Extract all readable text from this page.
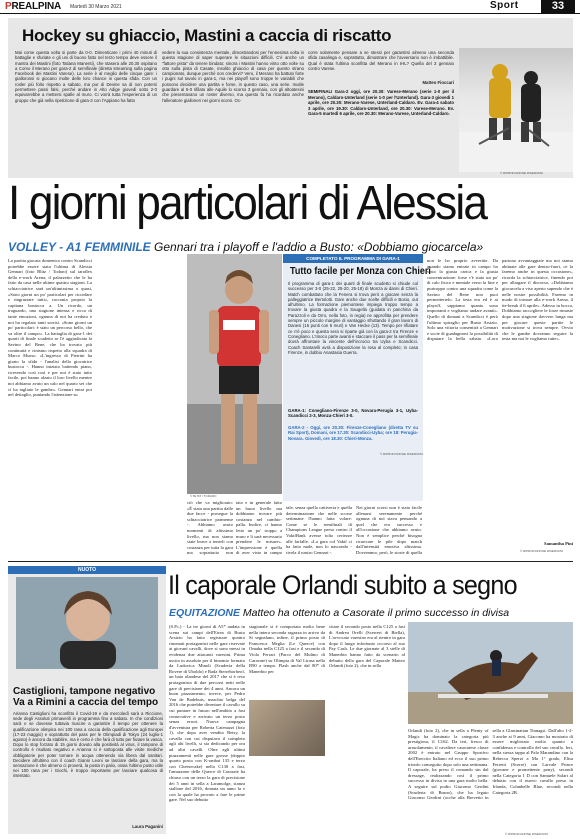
PREALPINA Martedì 30 Marzo 2021	Sport	33
Hockey su ghiaccio, Mastini a caccia di riscatto
Mai come questa volta si parte da 0-0. Dimenticare i primi 40 minuti di battaglie e sfuriate e gli uni di buono fatto nel terzo tempo deve essere il mantra dei Mastini (foto Tatiana Manenti), che stasera alle 20.30 ospitano a Como il Merano per gara-2 di semifinale (diretta streaming sulla pagina Facebook dei Mastini Varese). La serie è al meglio delle cinque gare: i giallorossi si giocano molte delle loro chance in questa sfida. Con un rosler più folto rispetto a sabato, ma pur di Devine sa di non potersi permettere passi falsi, perché andare in Alto Adige giovedì sotto 2-0 equivarrebbe a mettersi spalle al muro. Ci vorrà tutta l'esperienza di un gruppo che già nella ripetizione di gara-3 con l'Appiano ha fatto
vedere la sua consistenza mentale, dimostrandosi per l'ennesima volta in questa stagione di saper superare le situazioni difficili. C'è anche un "fattore pista" da tenere bindato: sinora i Mastini hanno vinto otto volte su otto sulla pista di Casate, insolito ghiaccio di casa per questo strano campionato, dunque perché non credervi? Vero, il Merano ha battuto forte i pugni sul tavolo in gara-1, ma nei playoff sono troppe le variabili che possono decidere una partita e forse, in questo caso, una serie. Inutile guardare al 5-0 rifilato alle Aquile lo scorso 3 gennaio, con gli altoatesini che presentavano un roster diverso, ma questo fa ha ricordato anche l'allenatore gialloneri nei giorni scorsi. Oc-
corre solamente pensare a se stessi per garantirsi almeno una seconda sfida casalinga e, soprattutto, dimostrare che l'avversario non è imbattibile. Qual è stata l'ultima sconfitta del Merano in IHL? Quella del 3 gennaio contro Varese.
Matteo Fioccari
SEMIFINALI Gara-2 oggi, ore 20.30: Varese-Merano (serie 1-0 per il Merano), Caldaro-Unterland (serie 1-0 per l'Unterland). Gara-3 giovedì 1 aprile, ore 20.30: Merano-Varese, Unterland-Caldaro. Ev. Gara-4 sabato 3 aprile, ore 19.30: Caldaro-Unterland, ore 20.30: Varese-Merano. Ev. Gara-5 martedì 6 aprile, ore 20.30: Merano-Varese, Unterland-Caldaro.
© RIPRODUZIONE RISERVATA
I giorni particolari di Alessia
VOLLEY - A1 FEMMINILE Gennari tra i playoff e l'addio a Busto: «Dobbiamo giocarcela»
La partita giocata domenica contro Scandicci potrebbe essere stata l'ultima di Alessia Gennari (foto Blitz / Todaro) sul taraflex della e-work Arena, il palazzetto che le ha fatto da casa nelle ultime quattro stagioni. La schiacciatrice sarà un'ultimissima o quasi, «Sono giorni un po' particolari per ricordare e ringraziare tutti», racconta proprio la capitana bustocca a. Un ricordo, un traguardo, una stagione intensa e ricca di tante emozioni, ognuna di noi ha creduto e noi ha regalato tanti sorrisi. «Sono giorni un po' particolari: è stato un percorso bello, che va oltre il campo». La battaglia di gara-1 dei quarti di finale scudetto se l'è aggiudicata la Savino del Bene, che ha trovato più continuità e cinismo rispetto alla squadra di Marco Musso. «L'ingresso di Pietrini ha girato la sfida - l'analisi della giocatrice bustocca -. Hanno iniziato battendo piano, ricevendo così così e per noi è stato tutto facile, poi hanno alzato il loro livello mentre noi abbiamo avuto un calo nel quarto set che ci ha tagliato le gambe». Gennari entra poi nel dettaglio, puntando l'attenzione su
© BLITZ / TODARO
ciò che va migliorato: «È stata una partita dalle due facce - prosegue la schiacciatrice parmense -. Abbiamo avuto momenti di altissimo livello, ma non siamo state brave a tenerli con costanza per tutta la gara ma soprattutto non
tato e in generale fatto un buon livello ma dobbiamo trovare più costanza nel cambio-palla. Inoltre, ci hanno letto un po' troppo a muro e li sarà necessario prendere le misure». L'impressione è quella di aver visto in campo
tale, senza quella cattiveria e quella determinazione che nelle scorse settimane l'hanno fatta volare: Come se le semifinali di Champions League persa contro il VakifBank avesse tolto certezze alle farfalle. «La gara col Vakif ci ha fatto male, non lo nascondo - rivela il nastro Gennari -.
Nei giorni scorsi non è stato facile allenarsi serenamente perché ognuna di noi stava pensando a quel che era successo e all'occasione che abbiamo avuto. Non è semplice perché bisogna ricaricare le pile dopo match dall'intensità emotiva altissima. Dovremmo, però, le storie di quella
non le ho proprio avvertite. Da quando siamo entrate in campo ho visto la giusta carica e la giusta concentrazione: forse c'è stato un po' di calo fisico e mentale verso la fine e purtroppo contro una squadra come la Savino del Bene non puoi permettertelo. La testa era ed è ai playoff, sappiamo quanto sono importanti e vogliamo andare avanti». Quello di domani a Scandicci è però l'ultimo spiraglio per Busto Arsizio. Solo una vittoria consentirà a Gennari e socie di guadagnarsi la possibilità di disputare la bella sabato. «Loro partono avvantaggiate ma noi siamo abituate alle gare dentro-fuori, ce la faremo anche in questa occasione», ricorda la schiacciatrice, finendo poi per allargare il discorso, «Dobbiamo giocarcela a viso aperto sapendo che è nelle nostre possibilità. Faremo in modo di tornare alla e-work Arena, il tie-break il 6 aprile». Adesso in bocca, Dobbiamo raccogliere le forze rimaste dopo una stagione davvero lunga ma per giocare queste partite le motivazione si trova sempre. Ovvio che le gambe dovranno seguire la testa ma noi le vogliamo tutte».
Samantha Pini
© RIPRODUZIONE RISERVATA
COMPLETATO IL PROGRAMMA DI GARA-1
Tutto facile per Monza con Chieri
Il programma di gara-1 dei quarti di finale scudetto si chiude col successo per 3-0 (25-22, 25-20, 25-18) di Monza ai danni di Chieri. Match combattuto che la Fenera si trova però a giocare senza la palleggiatrice Bertolotti. Gare anche due scelte difficili e Bosio, out all'ultimo. La formazione piemontese impiega troppo tempo a trovare la giusta quadra e la Saugella (guidata in panchina da Parazzoli e da Orro, nella foto, in regia) ne approfitta per prendere sempre un piccolo margine di vantaggio sfruttando il gran lavoro di Danesi (15 punti con 6 muri) e Van Hecke (13). Tempo per rifiatare ce n'è poco e questa sera si riparte già con la gara-2 tra Firenze e Conegliano. L'Imoco parte avanti e staccare il pass per la semifinale dovrà affrontare la vincente dell'incrocio tra Uyba e Scandicci. Coach Santarelli avrà a disposizione la rosa al completo; in casa Firenze, in dubbio Anastasia Guerra.
GARA-1: Conegliano-Firenze 3-0, Novara-Perugia 3-1, Uyba-Scandicci 2-3, Monza-Chieri 3-0.
GARA-2 - Oggi, ore 20.30: Firenze-Conegliano (diretta TV su Rai Sport), Domani, ore 17.30: Scandicci-Uyba; ore 18: Perugia-Novara. Giovedì, ore 18.30: Chieri-Monza.
© RIPRODUZIONE RISERVATA
NUOTO
Castiglioni, tampone negativo Va a Rimini a caccia del tempo
Arianna Castiglioni ha sconfitto il Covid-19 e da mercoledì sarà a Riccione, sede degli Assoluti primaverili in programma fino a sabato. In che condizioni sarà e se dovesse tuttavia riuscire a garantire il tempo per ottenere la qualificazione olimpica nei 100 rana a caccia della qualificazione agli Europei (17-23 maggio) e soprattutto del pass per le Olimpiadi di Tokyo (24 luglio-1 agosto) è ancora da stabilire, ma è certo è che farà di tutto per fiutare la vasca. Dopo lo stop forzato di 15 giorni dovuto alla positività al virus, il tampone di controllo è risultato negativo e Arianna si è sottoposta alle visite mediche obbligatorie per poter tornare in acqua ottenendo via libera dal sanitari. Decidere all'ultimo con il coach Gianni Leoni se lasciare della gara, ma la sensazione è che almeno ci proverà, la posta in palio, ossia l'ultimo posto utile nei 100 rana per i Giochi, è troppo importante per lasciare qualcosa di intentato.
Laura Paganini
Il caporale Orlandi subito a segno
EQUITAZIONE Matteo ha ottenuto a Casorate il primo successo in divisa
(S.P.i.) - La tre giorni di A5* andata in scena sui campi dell'Etrea di Busto Arsizio ha fatto registrare quattro rinomati protagonisti nelle gare riservate ai giovani cavalli, dove si sono messi in evidenza due attacanti varesini. Prima uscita in assoluto per il binomio formato da Ludovica Minoli (Scuderia della Rovere di Uboldo) e Rada Sterreborheof, un baio olandese del 2017 che si è reso protagonista di due percorsi netti nelle gare di precisione dei 4 anni. Ancora un buon piazzamento, invece, per Pedro Van de Badebuis, maschio belga del 2016 che potrebbe diventare il cavallo su cui puntare in futuro nell'ambito a fasi consecutive e arrivato un terzo posto senza errori. Nuova campagna d'avventura per Roberta Catenazzi (foto 1), che dopo aver vendito Betsy, la cavalla con cui disputava il completo agli alti livelli, si sta dedicando per ora ad altri cavalli. Oltre agli ultimi piazzamenti nelle gare grosse (doppio quarto posto con K-ombat 135 e terzo con Cheesecake) nella C130 a fasi, l'amazzone delle Querce di Casorate ha chiuso con un terzo la gara di precisione dei 5 anni in sella a Laramolge, stanza stallone del 2016, domata un anno fa e con la quale ha provato a fare le prime gare. Nel suo debutto
stagionale si è comportata molto bene nella intera seconda ragazza in arrivo da Si segnalano, infine, il primo posto di Francesca Meglia (Le Querce) con Omaha nella C125 a fasi e il secondo di Viola Ferrari (Parco del Mulino di Caravate) su Olimpia di Val Lirasa nella B90 a tempo. Flash anche dal 80* di Manerbio per
citare il secondo posto nella C125 a fasi di Andrea Orelli (Scerreri di Biella), L'avvocato varesino era al rientro in gara dopo il lungo infortunio occorso al suo Pay Cash. Le due giornate al 3 stelle di Manerbio hanno fatto da scenario al debutto della gara del Caporale Matteo Orlandi (foto 2), che in sella
Orlandi (foto 2), che in sella a Plenty of Magic ha dominato la categoria più prestigiosa, il C162. Da ieri, fresco di arruolamento, il cavaliere casoratese classe 2002 è entrato nel Gruppo Sportivo dell'Esercito Italiano ed ecco il suo primo trionfo conseguito dopo solo una settimana. Il caporale, ha preso il comando sin dal dressage, realizzando così il primo successo in divisa in una gara molto bella. A seguire sul podio Giacomo Gerdini (Scuderia di Bruno), che ha legato Giacomo Gerdini (ocche alla Brevetto in sella a Glastinaitan Tinnagsi. Dall'alto 1-2-3 anche ai 9 anni, Giacomo ha mostrato di essere migliorato molto quanto a confidenza e controllo del suo cavallo. Ieri, nella stessa tappa al Pala Marandino con la Rebecca Sperzi a Ma 1° grado, Elisa Ferretti (Scerre) con Larvale Prince (giovane e promettente pony), secondi nella Categoria 1 D con Samuele Solari al debutto con il nuovo cavallo preso in Irlanda, Colanbelle Blue, secondi nella Categoria 2B.
© RIPRODUZIONE RISERVATA
